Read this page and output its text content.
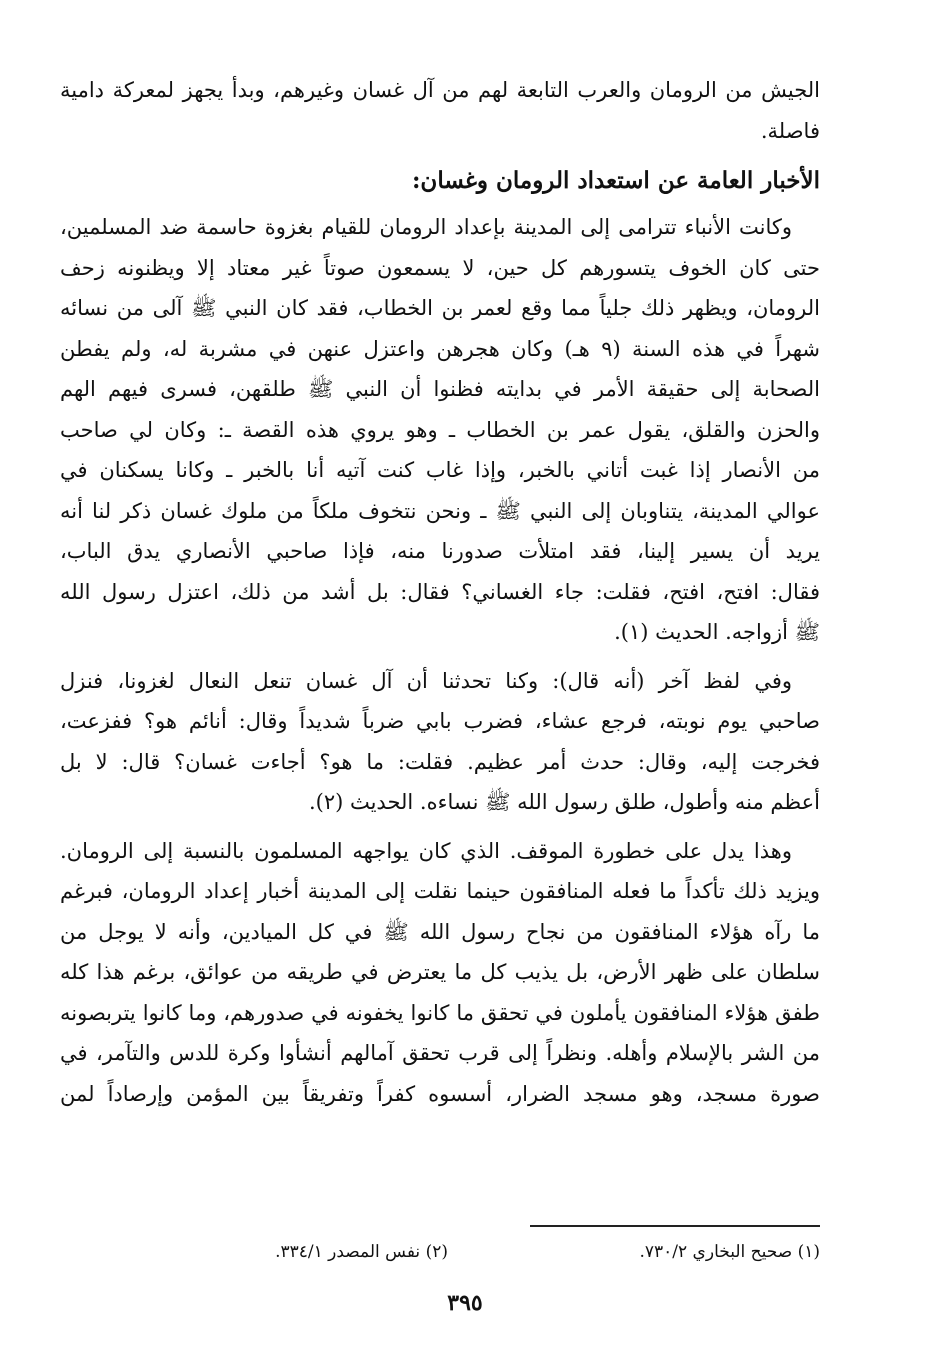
الجيش من الرومان والعرب التابعة لهم من آل غسان وغيرهم، وبدأ يجهز لمعركة دامية
فاصلة.

الأخبار العامة عن استعداد الرومان وغسان:

وكانت الأنباء تترامى إلى المدينة بإعداد الرومان للقيام بغزوة حاسمة ضد المسلمين،
حتى كان الخوف يتسورهم كل حين، لا يسمعون صوتاً غير معتاد إلا ويظنونه زحف
الرومان، ويظهر ذلك جلياً مما وقع لعمر بن الخطاب، فقد كان النبي ﷺ آلى من نسائه
شهراً في هذه السنة (٩ هـ) وكان هجرهن واعتزل عنهن في مشربة له، ولم يفطن
الصحابة إلى حقيقة الأمر في بدايته فظنوا أن النبي ﷺ طلقهن، فسرى فيهم الهم
والحزن والقلق، يقول عمر بن الخطاب ـ وهو يروي هذه القصة ـ: وكان لي صاحب
من الأنصار إذا غبت أتاني بالخبر، وإذا غاب كنت آتيه أنا بالخبر ـ وكانا يسكنان في
عوالي المدينة، يتناوبان إلى النبي ﷺ ـ ونحن نتخوف ملكاً من ملوك غسان ذكر لنا أنه
يريد أن يسير إلينا، فقد امتلأت صدورنا منه، فإذا صاحبي الأنصاري يدق الباب،
فقال: افتح، افتح، فقلت: جاء الغساني؟ فقال: بل أشد من ذلك، اعتزل رسول الله
ﷺ أزواجه. الحديث (١).

وفي لفظ آخر (أنه قال): وكنا تحدثنا أن آل غسان تنعل النعال لغزونا، فنزل
صاحبي يوم نوبته، فرجع عشاء، فضرب بابي ضرباً شديداً وقال: أنائم هو؟ ففزعت،
فخرجت إليه، وقال: حدث أمر عظيم. فقلت: ما هو؟ أجاءت غسان؟ قال: لا بل
أعظم منه وأطول، طلق رسول الله ﷺ نساءه. الحديث (٢).

وهذا يدل على خطورة الموقف. الذي كان يواجهه المسلمون بالنسبة إلى الرومان.
ويزيد ذلك تأكداً ما فعله المنافقون حينما نقلت إلى المدينة أخبار إعداد الرومان، فبرغم
ما رآه هؤلاء المنافقون من نجاح رسول الله ﷺ في كل الميادين، وأنه لا يوجل من
سلطان على ظهر الأرض، بل يذيب كل ما يعترض في طريقه من عوائق، برغم هذا كله
طفق هؤلاء المنافقون يأملون في تحقق ما كانوا يخفونه في صدورهم، وما كانوا يتربصونه
من الشر بالإسلام وأهله. ونظراً إلى قرب تحقق آمالهم أنشأوا وكرة للدس والتآمر، في
صورة مسجد، وهو مسجد الضرار، أسسوه كفراً وتفريقاً بين المؤمن وإرصاداً لمن

(١) صحيح البخاري ٧٣٠/٢.
(٢) نفس المصدر ٣٣٤/١.
٣٩٥
